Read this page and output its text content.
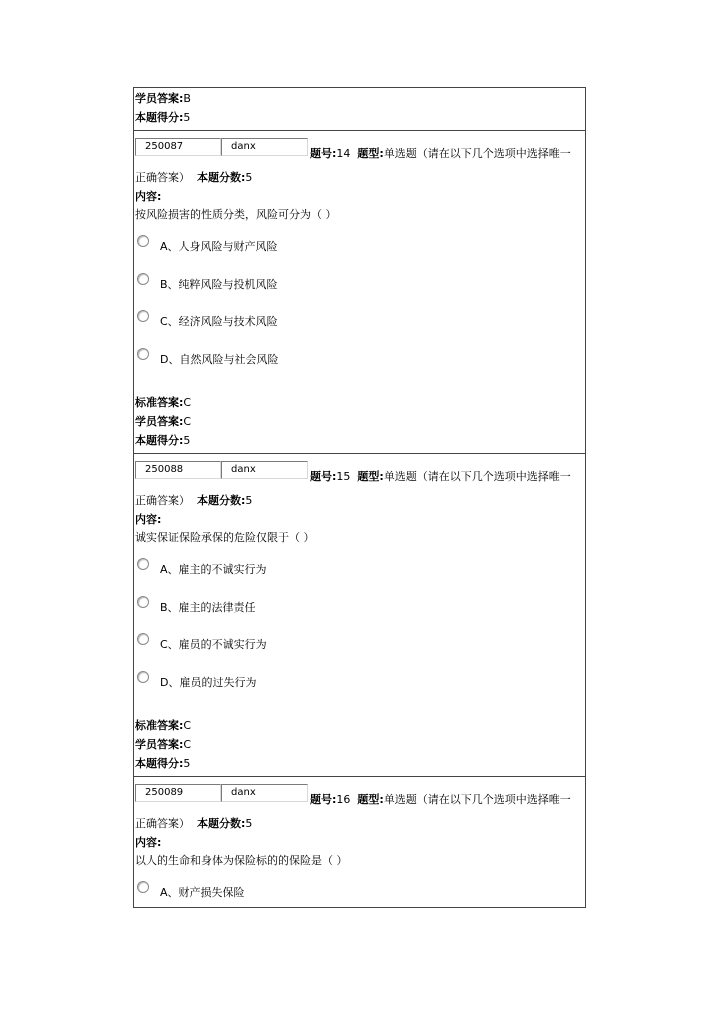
学员答案:B
本题得分:5
250087	danx
题号:14 题型:单选题（请在以下几个选项中选择唯一
正确答案） 本题分数:5
内容:
按风险损害的性质分类，风险可分为（ ）
A、人身风险与财产风险
B、纯粹风险与投机风险
C、经济风险与技术风险
D、自然风险与社会风险
标准答案:C
学员答案:C
本题得分:5
250088	danx
题号:15 题型:单选题（请在以下几个选项中选择唯一
正确答案） 本题分数:5
内容:
诚实保证保险承保的危险仅限于（ ）
A、雇主的不诚实行为
B、雇主的法律责任
C、雇员的不诚实行为
D、雇员的过失行为
标准答案:C
学员答案:C
本题得分:5
250089	danx
题号:16 题型:单选题（请在以下几个选项中选择唯一
正确答案） 本题分数:5
内容:
以人的生命和身体为保险标的的保险是（ ）
A、财产损失保险
